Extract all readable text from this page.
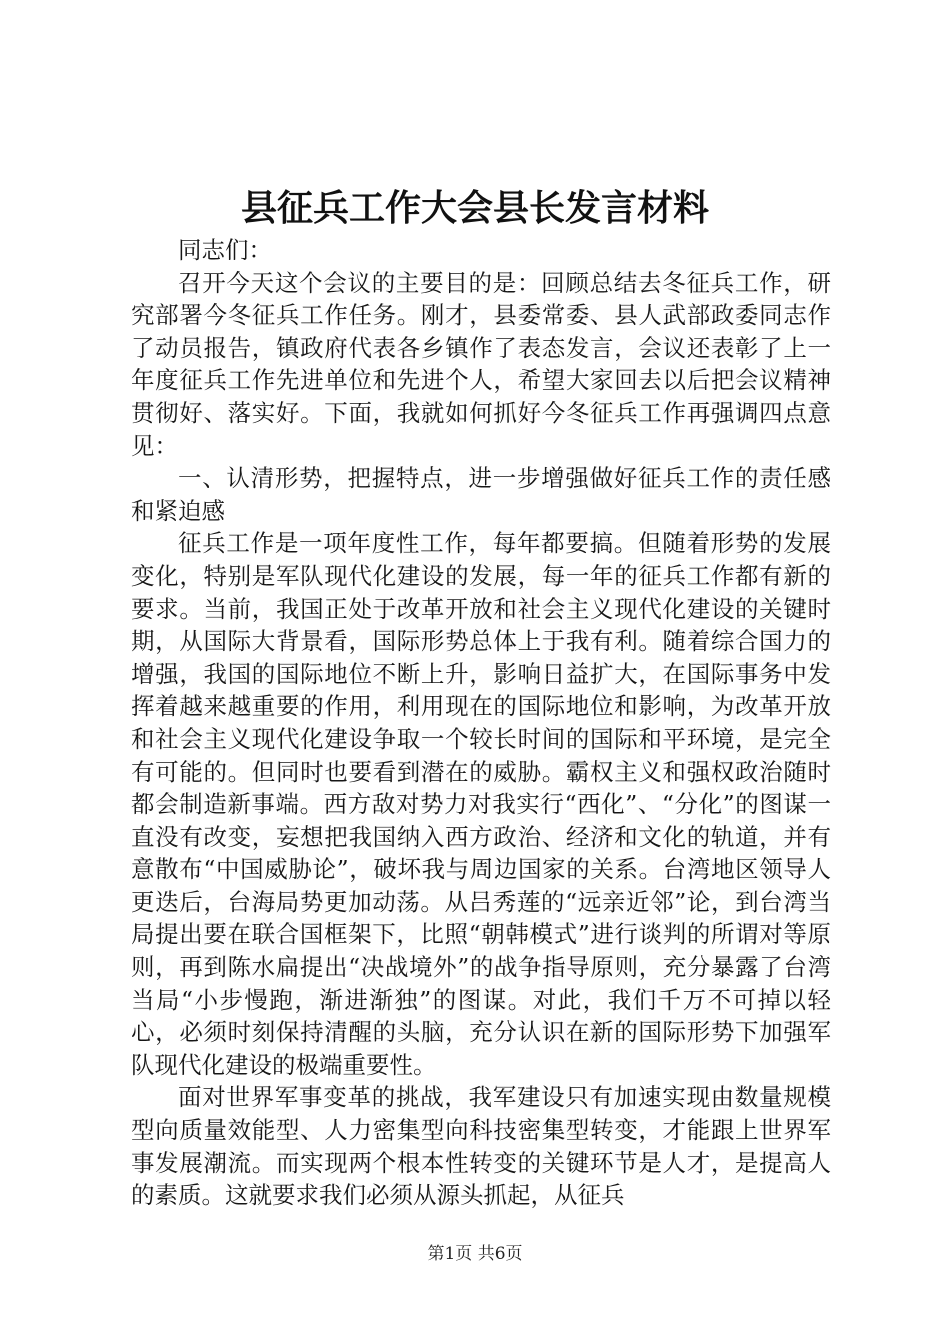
县征兵工作大会县长发言材料

同志们：

召开今天这个会议的主要目的是：回顾总结去冬征兵工作，研究部署今冬征兵工作任务。刚才，县委常委、县人武部政委同志作了动员报告，镇政府代表各乡镇作了表态发言，会议还表彰了上一年度征兵工作先进单位和先进个人，希望大家回去以后把会议精神贯彻好、落实好。下面，我就如何抓好今冬征兵工作再强调四点意见：

一、认清形势，把握特点，进一步增强做好征兵工作的责任感和紧迫感

征兵工作是一项年度性工作，每年都要搞。但随着形势的发展变化，特别是军队现代化建设的发展，每一年的征兵工作都有新的要求。当前，我国正处于改革开放和社会主义现代化建设的关键时期，从国际大背景看，国际形势总体上于我有利。随着综合国力的增强，我国的国际地位不断上升，影响日益扩大，在国际事务中发挥着越来越重要的作用，利用现在的国际地位和影响，为改革开放和社会主义现代化建设争取一个较长时间的国际和平环境，是完全有可能的。但同时也要看到潜在的威胁。霸权主义和强权政治随时都会制造新事端。西方敌对势力对我实行“西化”、“分化”的图谋一直没有改变，妄想把我国纳入西方政治、经济和文化的轨道，并有意散布“中国威胁论”，破坏我与周边国家的关系。台湾地区领导人更迭后，台海局势更加动荡。从吕秀莲的“远亲近邻”论，到台湾当局提出要在联合国框架下，比照“朝韩模式”进行谈判的所谓对等原则，再到陈水扁提出“决战境外”的战争指导原则，充分暴露了台湾当局“小步慢跑，渐进渐独”的图谋。对此，我们千万不可掉以轻心，必须时刻保持清醒的头脑，充分认识在新的国际形势下加强军队现代化建设的极端重要性。

面对世界军事变革的挑战，我军建设只有加速实现由数量规模型向质量效能型、人力密集型向科技密集型转变，才能跟上世界军事发展潮流。而实现两个根本性转变的关键环节是人才，是提高人的素质。这就要求我们必须从源头抓起，从征兵

第1页 共6页
